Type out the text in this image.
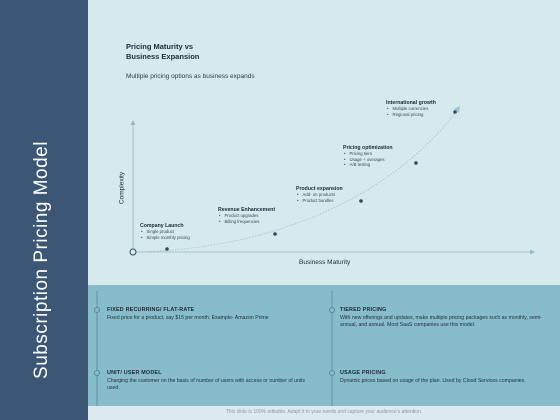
Subscription Pricing Model
Pricing Maturity vs
Business Expansion
Multiple pricing options as business expands
Company Launch
• Single product
• Simple monthly pricing
Revenue Enhancement
• Product upgrades
• Billing frequencies
Product expansion
• Add- on products
• Product bundles
Pricing optimization
• Pricing tiers
• Usage + overages
• A/B testing
International growth
• Multiple currencies
• Regional pricing
Business Maturity
Complexity
FIXED RECURRING/ FLAT-RATE
Fixed price for a product, say $15 per month. Example- Amazon Prime
TIERED PRICING
With new offerings and updates, make multiple pricing packages such as monthly, semi-annual, and annual. Most SaaS companies use this model.
UNIT/ USER MODEL
Charging the customer on the basis of number of users with access or number of units used.
USAGE PRICING
Dynamic prices based on usage of the plan. Used by Cloud Services companies.
This slide is 100% editable. Adapt it to your needs and capture your audience's attention.
